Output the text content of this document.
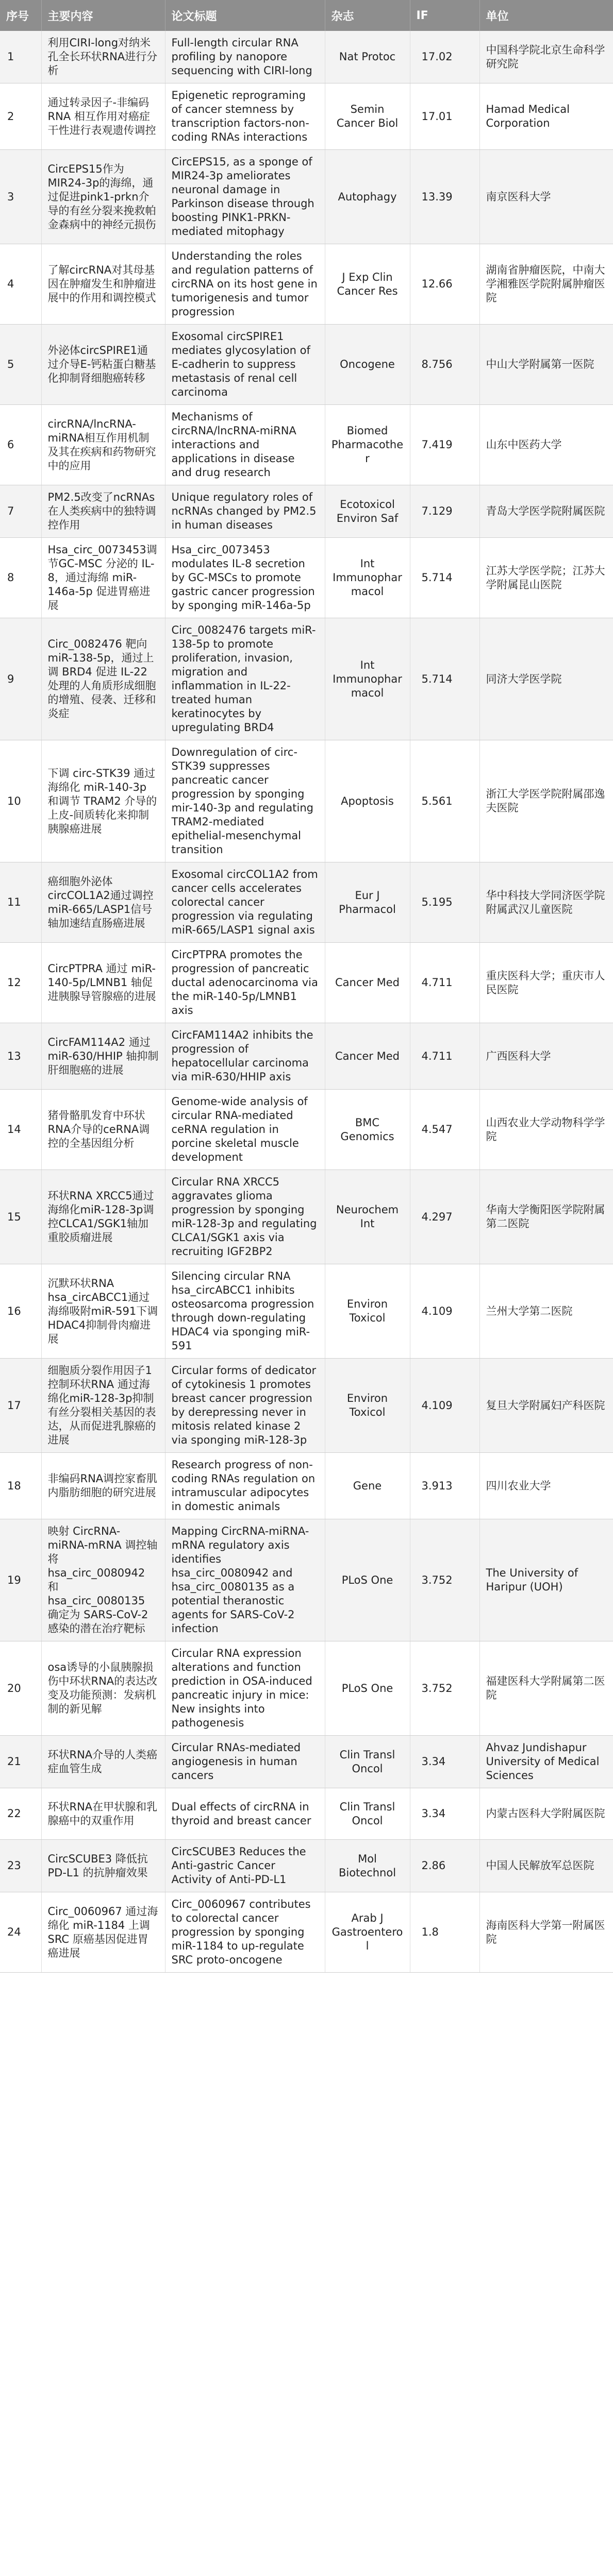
序号	主要内容	论文标题	杂志	IF	单位
1	利用CIRI-long对纳米孔全长环状RNA进行分析	Full-length circular RNA profiling by nanopore sequencing with CIRI-long	Nat Protoc	17.02	中国科学院北京生命科学研究院
2	通过转录因子-非编码 RNA 相互作用对癌症干性进行表观遗传调控	Epigenetic reprograming of cancer stemness by transcription factors-non-coding RNAs interactions	Semin Cancer Biol	17.01	Hamad Medical Corporation
3	CircEPS15作为MIR24-3p的海绵，通过促进pink1-prkn介导的有丝分裂来挽救帕金森病中的神经元损伤	CircEPS15, as a sponge of MIR24-3p ameliorates neuronal damage in Parkinson disease through boosting PINK1-PRKN-mediated mitophagy	Autophagy	13.39	南京医科大学
4	了解circRNA对其母基因在肿瘤发生和肿瘤进展中的作用和调控模式	Understanding the roles and regulation patterns of circRNA on its host gene in tumorigenesis and tumor progression	J Exp Clin Cancer Res	12.66	湖南省肿瘤医院，中南大学湘雅医学院附属肿瘤医院
5	外泌体circSPIRE1通过介导E-钙粘蛋白糖基化抑制肾细胞癌转移	Exosomal circSPIRE1 mediates glycosylation of E-cadherin to suppress metastasis of renal cell carcinoma	Oncogene	8.756	中山大学附属第一医院
6	circRNA/lncRNA-miRNA相互作用机制及其在疾病和药物研究中的应用	Mechanisms of circRNA/lncRNA-miRNA interactions and applications in disease and drug research	Biomed Pharmacother	7.419	山东中医药大学
7	PM2.5改变了ncRNAs在人类疾病中的独特调控作用	Unique regulatory roles of ncRNAs changed by PM2.5 in human diseases	Ecotoxicol Environ Saf	7.129	青岛大学医学院附属医院
8	Hsa_circ_0073453调节GC-MSC 分泌的 IL-8，通过海绵 miR-146a-5p 促进胃癌进展	Hsa_circ_0073453 modulates IL-8 secretion by GC-MSCs to promote gastric cancer progression by sponging miR-146a-5p	Int Immunopharmacol	5.714	江苏大学医学院；江苏大学附属昆山医院
9	Circ_0082476 靶向 miR-138-5p，通过上调 BRD4 促进 IL-22 处理的人角质形成细胞的增殖、侵袭、迁移和炎症	Circ_0082476 targets miR-138-5p to promote proliferation, invasion, migration and inflammation in IL-22-treated human keratinocytes by upregulating BRD4	Int Immunopharmacol	5.714	同济大学医学院
10	下调 circ-STK39 通过海绵化 miR-140-3p 和调节 TRAM2 介导的上皮-间质转化来抑制胰腺癌进展	Downregulation of circ-STK39 suppresses pancreatic cancer progression by sponging mir-140-3p and regulating TRAM2-mediated epithelial-mesenchymal transition	Apoptosis	5.561	浙江大学医学院附属邵逸夫医院
11	癌细胞外泌体circCOL1A2通过调控miR-665/LASP1信号轴加速结直肠癌进展	Exosomal circCOL1A2 from cancer cells accelerates colorectal cancer progression via regulating miR-665/LASP1 signal axis	Eur J Pharmacol	5.195	华中科技大学同济医学院附属武汉儿童医院
12	CircPTPRA 通过 miR-140-5p/LMNB1 轴促进胰腺导管腺癌的进展	CircPTPRA promotes the progression of pancreatic ductal adenocarcinoma via the miR-140-5p/LMNB1 axis	Cancer Med	4.711	重庆医科大学；重庆市人民医院
13	CircFAM114A2 通过 miR-630/HHIP 轴抑制肝细胞癌的进展	CircFAM114A2 inhibits the progression of hepatocellular carcinoma via miR-630/HHIP axis	Cancer Med	4.711	广西医科大学
14	猪骨骼肌发育中环状RNA介导的ceRNA调控的全基因组分析	Genome-wide analysis of circular RNA-mediated ceRNA regulation in porcine skeletal muscle development	BMC Genomics	4.547	山西农业大学动物科学学院
15	环状RNA XRCC5通过海绵化miR-128-3p调控CLCA1/SGK1轴加重胶质瘤进展	Circular RNA XRCC5 aggravates glioma progression by sponging miR-128-3p and regulating CLCA1/SGK1 axis via recruiting IGF2BP2	Neurochem Int	4.297	华南大学衡阳医学院附属第二医院
16	沉默环状RNA hsa_circABCC1通过海绵吸附miR-591下调HDAC4抑制骨肉瘤进展	Silencing circular RNA hsa_circABCC1 inhibits osteosarcoma progression through down-regulating HDAC4 via sponging miR-591	Environ Toxicol	4.109	兰州大学第二医院
17	细胞质分裂作用因子1控制环状RNA 通过海绵化miR-128-3p抑制有丝分裂相关基因的表达，从而促进乳腺癌的进展	Circular forms of dedicator of cytokinesis 1 promotes breast cancer progression by derepressing never in mitosis related kinase 2 via sponging miR-128-3p	Environ Toxicol	4.109	复旦大学附属妇产科医院
18	非编码RNA调控家畜肌内脂肪细胞的研究进展	Research progress of non-coding RNAs regulation on intramuscular adipocytes in domestic animals	Gene	3.913	四川农业大学
19	映射 CircRNA-miRNA-mRNA 调控轴将 hsa_circ_0080942 和 hsa_circ_0080135 确定为 SARS-CoV-2 感染的潜在治疗靶标	Mapping CircRNA-miRNA-mRNA regulatory axis identifies hsa_circ_0080942 and hsa_circ_0080135 as a potential theranostic agents for SARS-CoV-2 infection	PLoS One	3.752	The University of Haripur (UOH)
20	osa诱导的小鼠胰腺损伤中环状RNA的表达改变及功能预测：发病机制的新见解	Circular RNA expression alterations and function prediction in OSA-induced pancreatic injury in mice: New insights into pathogenesis	PLoS One	3.752	福建医科大学附属第二医院
21	环状RNA介导的人类癌症血管生成	Circular RNAs-mediated angiogenesis in human cancers	Clin Transl Oncol	3.34	Ahvaz Jundishapur University of Medical Sciences
22	环状RNA在甲状腺和乳腺癌中的双重作用	Dual effects of circRNA in thyroid and breast cancer	Clin Transl Oncol	3.34	内蒙古医科大学附属医院
23	CircSCUBE3 降低抗 PD-L1 的抗肿瘤效果	CircSCUBE3 Reduces the Anti-gastric Cancer Activity of Anti-PD-L1	Mol Biotechnol	2.86	中国人民解放军总医院
24	Circ_0060967 通过海绵化 miR-1184 上调 SRC 原癌基因促进胃癌进展	Circ_0060967 contributes to colorectal cancer progression by sponging miR-1184 to up-regulate SRC proto-oncogene	Arab J Gastroenterol	1.8	海南医科大学第一附属医院
